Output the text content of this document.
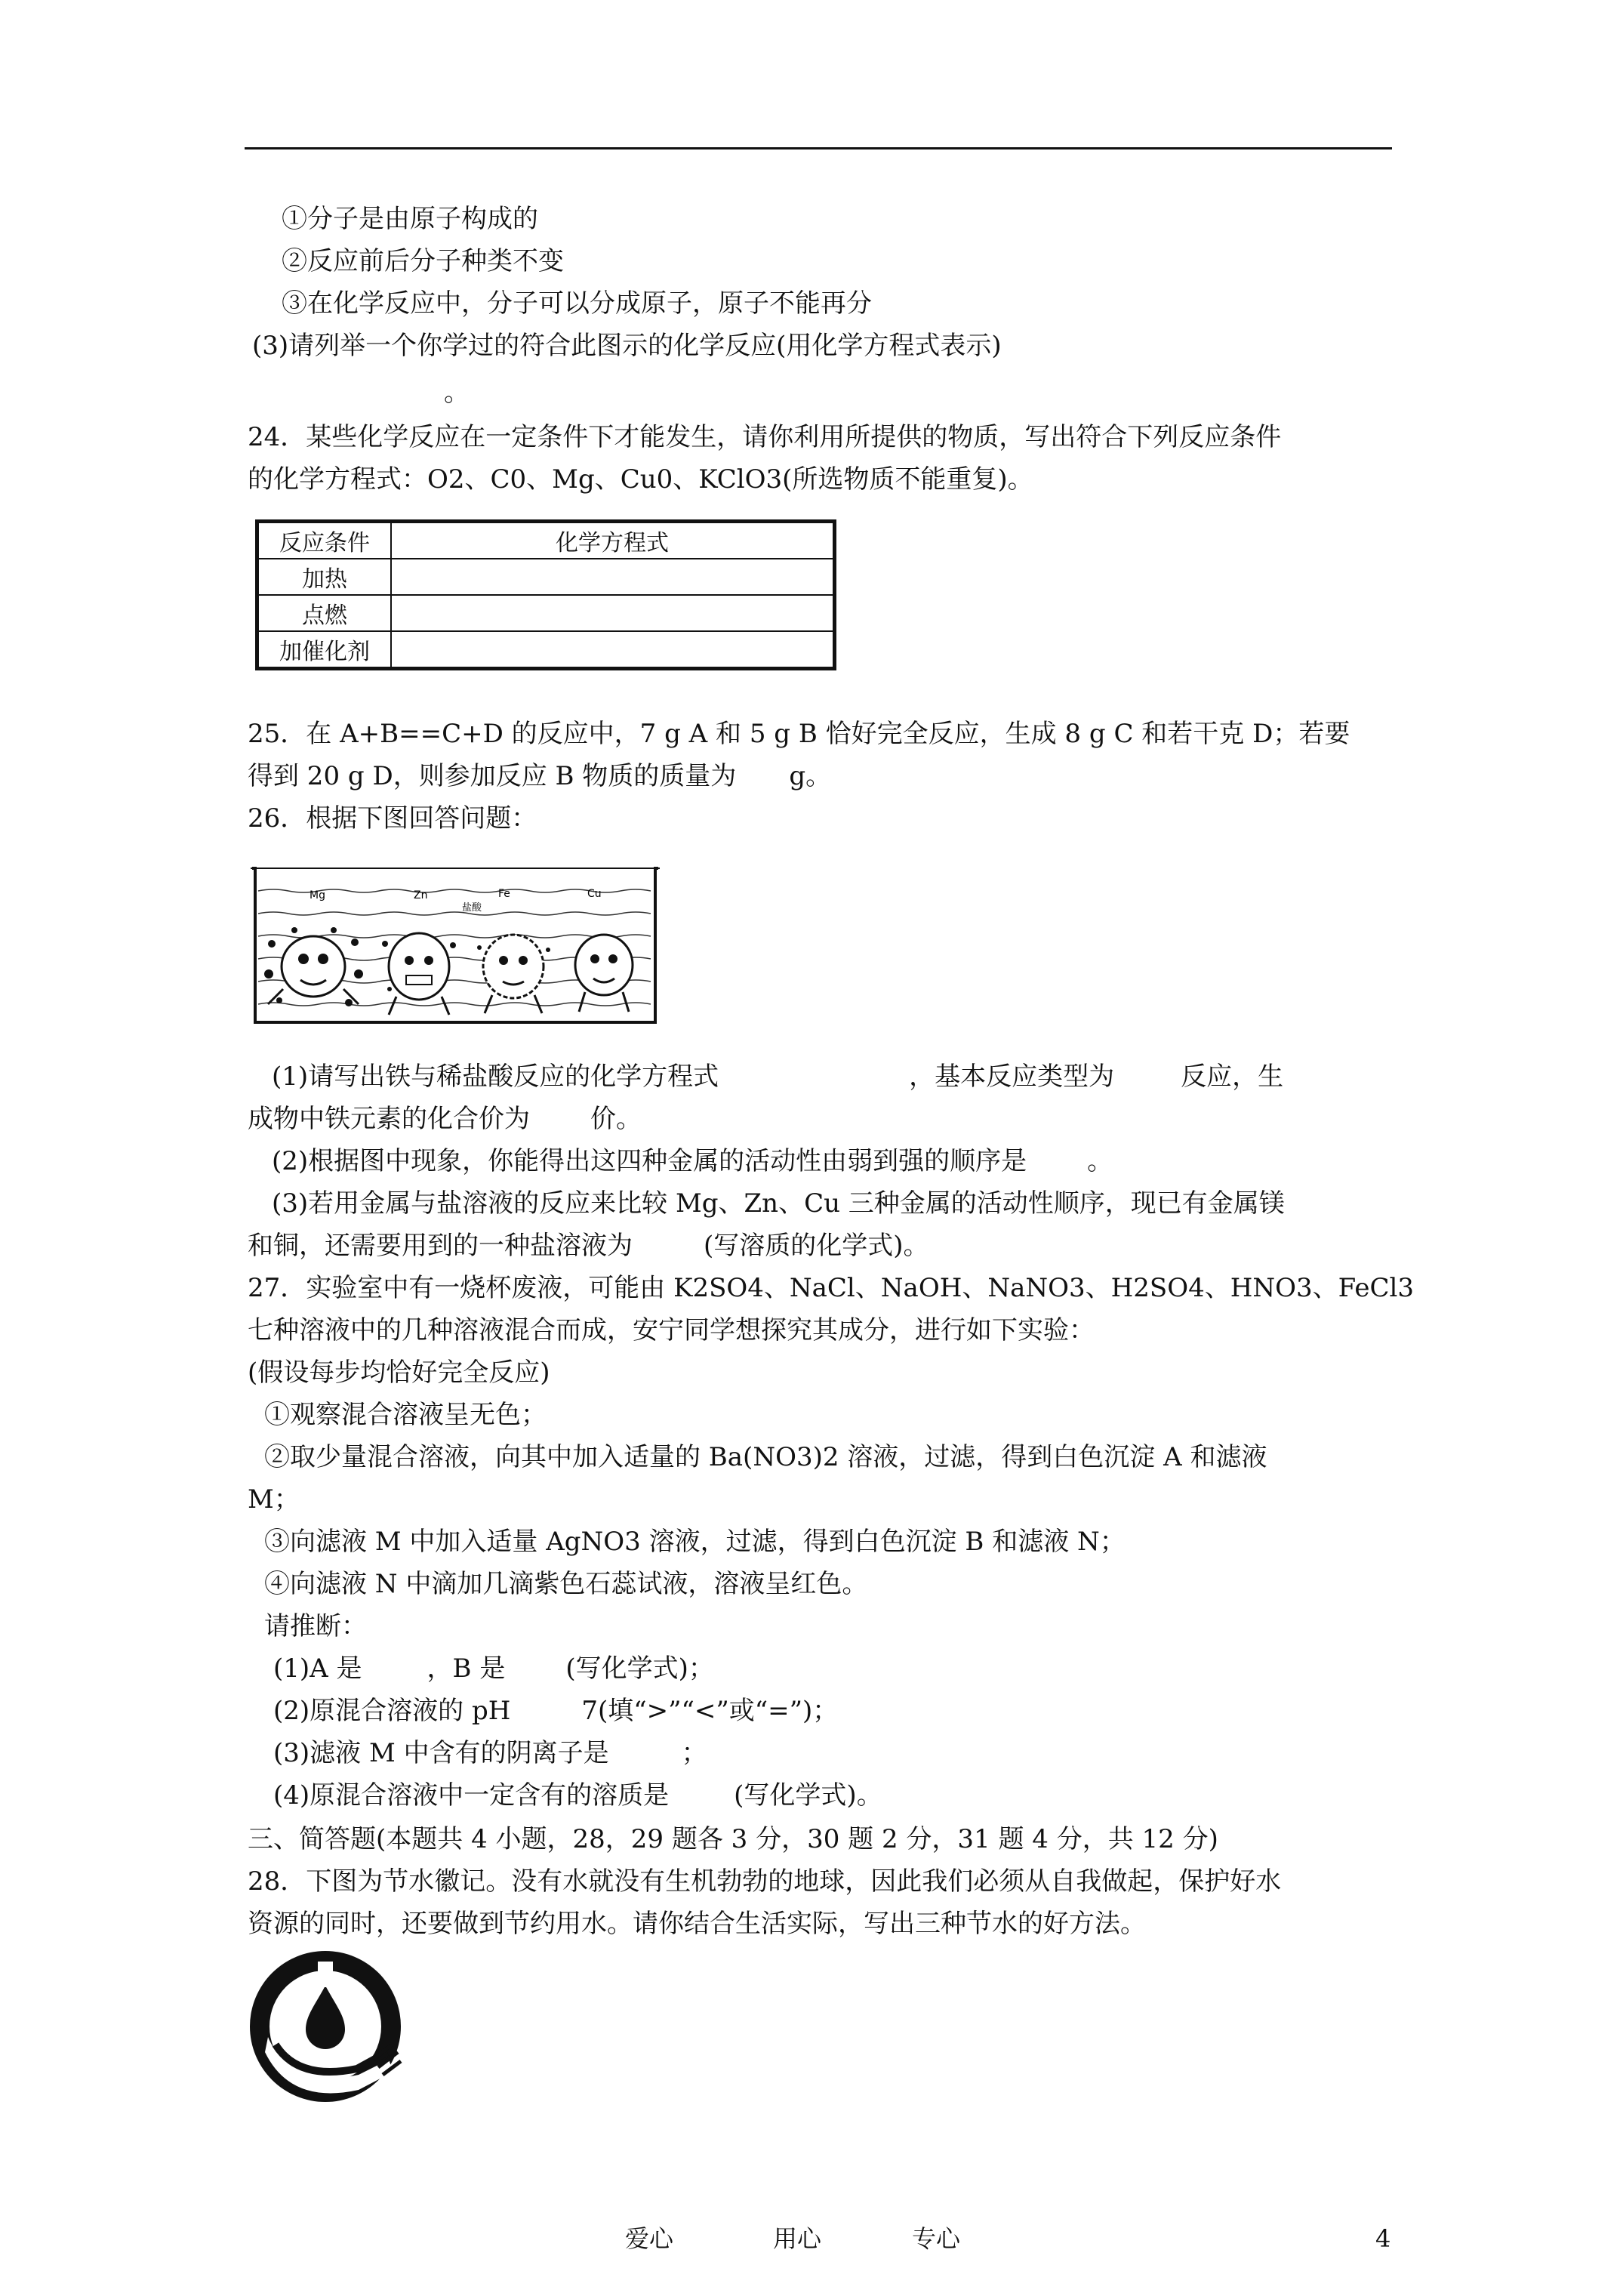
①分子是由原子构成的
②反应前后分子种类不变
③在化学反应中，分子可以分成原子，原子不能再分
(3)请列举一个你学过的符合此图示的化学反应(用化学方程式表示)
。
24．某些化学反应在一定条件下才能发生，请你利用所提供的物质，写出符合下列反应条件
的化学方程式：O2、C0、Mg、Cu0、KClO3(所选物质不能重复)。
反应条件	化学方程式
加热	
点燃	
加催化剂	
25．在 A+B==C+D 的反应中，7 g A 和 5 g B 恰好完全反应，生成 8 g C 和若干克 D；若要
得到 20 g D，则参加反应 B 物质的质量为 g。
26．根据下图回答问题：
Mg	Zn	Fe	Cu
盐酸
(1)请写出铁与稀盐酸反应的化学方程式	，基本反应类型为	反应，生
成物中铁元素的化合价为 价。
(2)根据图中现象，你能得出这四种金属的活动性由弱到强的顺序是 。
(3)若用金属与盐溶液的反应来比较 Mg、Zn、Cu 三种金属的活动性顺序，现已有金属镁
和铜，还需要用到的一种盐溶液为	(写溶质的化学式)。
27．实验室中有一烧杯废液，可能由 K2SO4、NaCl、NaOH、NaNO3、H2SO4、HNO3、FeCl3
七种溶液中的几种溶液混合而成，安宁同学想探究其成分，进行如下实验：
(假设每步均恰好完全反应)
①观察混合溶液呈无色；
②取少量混合溶液，向其中加入适量的 Ba(NO3)2 溶液，过滤，得到白色沉淀 A 和滤液
M；
③向滤液 M 中加入适量 AgNO3 溶液，过滤，得到白色沉淀 B 和滤液 N；
④向滤液 N 中滴加几滴紫色石蕊试液，溶液呈红色。
请推断：
(1)A 是	，B 是 (写化学式)；
(2)原混合溶液的 pH	7(填“>”“<”或“=”)；
(3)滤液 M 中含有的阴离子是	；
(4)原混合溶液中一定含有的溶质是	(写化学式)。
三、简答题(本题共 4 小题，28，29 题各 3 分，30 题 2 分，31 题 4 分，共 12 分)
28．下图为节水徽记。没有水就没有生机勃勃的地球，因此我们必须从自我做起，保护好水
资源的同时，还要做到节约用水。请你结合生活实际，写出三种节水的好方法。
爱心	用心	专心	4
